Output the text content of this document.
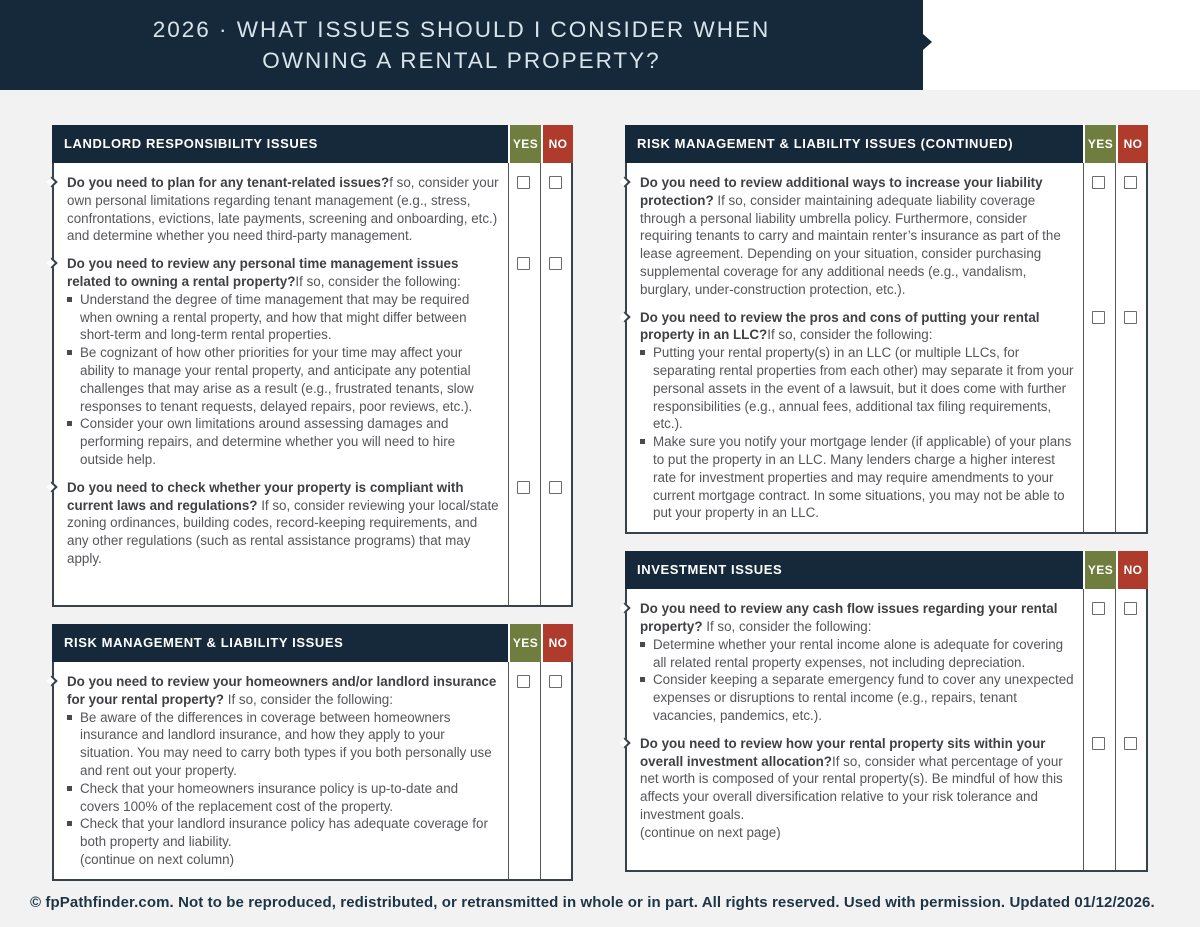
2026 · WHAT ISSUES SHOULD I CONSIDER WHEN
OWNING A RENTAL PROPERTY?
LANDLORD RESPONSIBILITY ISSUES	YES NO
Do you need to plan for any tenant-related issues?f so, consider your own personal limitations regarding tenant management (e.g., stress, confrontations, evictions, late payments, screening and onboarding, etc.) and determine whether you need third-party management.
Do you need to review any personal time management issues related to owning a rental property?If so, consider the following:
Understand the degree of time management that may be required when owning a rental property, and how that might differ between short-term and long-term rental properties.
Be cognizant of how other priorities for your time may affect your ability to manage your rental property, and anticipate any potential challenges that may arise as a result (e.g., frustrated tenants, slow responses to tenant requests, delayed repairs, poor reviews, etc.).
Consider your own limitations around assessing damages and performing repairs, and determine whether you will need to hire outside help.
Do you need to check whether your property is compliant with current laws and regulations? If so, consider reviewing your local/state zoning ordinances, building codes, record-keeping requirements, and any other regulations (such as rental assistance programs) that may apply.
RISK MANAGEMENT & LIABILITY ISSUES	YES NO
Do you need to review your homeowners and/or landlord insurance for your rental property? If so, consider the following:
Be aware of the differences in coverage between homeowners insurance and landlord insurance, and how they apply to your situation. You may need to carry both types if you both personally use and rent out your property.
Check that your homeowners insurance policy is up-to-date and covers 100% of the replacement cost of the property.
Check that your landlord insurance policy has adequate coverage for both property and liability.
(continue on next column)
RISK MANAGEMENT & LIABILITY ISSUES (CONTINUED)	YES NO
Do you need to review additional ways to increase your liability protection? If so, consider maintaining adequate liability coverage through a personal liability umbrella policy. Furthermore, consider requiring tenants to carry and maintain renter’s insurance as part of the lease agreement. Depending on your situation, consider purchasing supplemental coverage for any additional needs (e.g., vandalism, burglary, under-construction protection, etc.).
Do you need to review the pros and cons of putting your rental property in an LLC?If so, consider the following:
Putting your rental property(s) in an LLC (or multiple LLCs, for separating rental properties from each other) may separate it from your personal assets in the event of a lawsuit, but it does come with further responsibilities (e.g., annual fees, additional tax filing requirements, etc.).
Make sure you notify your mortgage lender (if applicable) of your plans to put the property in an LLC. Many lenders charge a higher interest rate for investment properties and may require amendments to your current mortgage contract. In some situations, you may not be able to put your property in an LLC.
INVESTMENT ISSUES	YES NO
Do you need to review any cash flow issues regarding your rental property? If so, consider the following:
Determine whether your rental income alone is adequate for covering all related rental property expenses, not including depreciation.
Consider keeping a separate emergency fund to cover any unexpected expenses or disruptions to rental income (e.g., repairs, tenant vacancies, pandemics, etc.).
Do you need to review how your rental property sits within your overall investment allocation?If so, consider what percentage of your net worth is composed of your rental property(s). Be mindful of how this affects your overall diversification relative to your risk tolerance and investment goals.
(continue on next page)
© fpPathfinder.com. Not to be reproduced, redistributed, or retransmitted in whole or in part. All rights reserved. Used with permission. Updated 01/12/2026.
